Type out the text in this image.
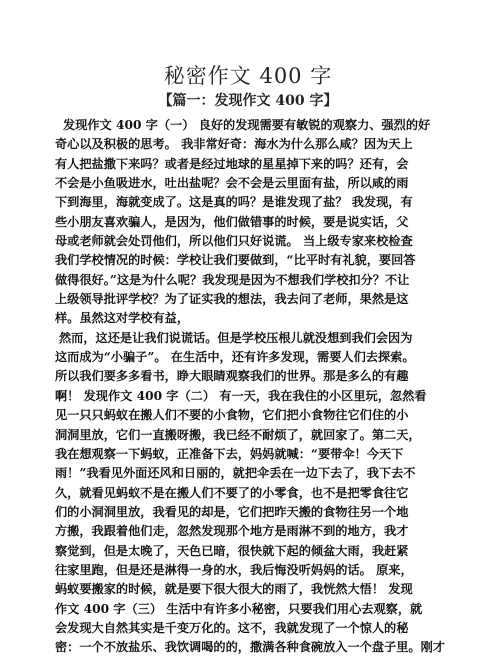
秘密作文 400 字
【篇一：发现作文 400 字】
发现作文 400 字（一） 良好的发现需要有敏锐的观察力、强烈的好
奇心以及积极的思考。 我非常好奇：海水为什么那么咸？因为天上
有人把盐撒下来吗？或者是经过地球的星星掉下来的吗？还有，会
不会是小鱼吸进水，吐出盐呢？会不会是云里面有盐，所以咸的雨
下到海里，海就变成了。这是真的吗？是谁发现了盐？ 我发现，有
些小朋友喜欢骗人，是因为，他们做错事的时候，要是说实话，父
母或老师就会处罚他们，所以他们只好说谎。 当上级专家来校检查
我们学校情况的时候：学校让我们要做到，“比平时有礼貌，要回答
做得很好。”这是为什么呢？我发现是因为不想我们学校扣分？不让
上级领导批评学校？为了证实我的想法，我去问了老师，果然是这
样。虽然这对学校有益，
然而，这还是让我们说谎话。但是学校压根儿就没想到我们会因为
这而成为“小骗子”。 在生活中，还有许多发现，需要人们去探索。
所以我们要多多看书，睁大眼睛观察我们的世界。那是多么的有趣
啊！ 发现作文 400 字（二） 有一天，我在我住的小区里玩，忽然看
见一只只蚂蚁在搬人们不要的小食物，它们把小食物往它们住的小
洞洞里放，它们一直搬呀搬，我已经不耐烦了，就回家了。第二天，
我在想观察一下蚂蚁，正准备下去，妈妈就喊：“要带伞！今天下
雨！”我看见外面还风和日丽的，就把伞丢在一边下去了，我下去不
久，就看见蚂蚁不是在搬人们不要了的小零食，也不是把零食往它
们的小洞洞里放，我看见的却是，它们把昨天搬的食物往另一个地
方搬，我跟着他们走，忽然发现那个地方是雨淋不到的地方，我才
察觉到，但是太晚了，天色已暗，很快就下起的倾盆大雨，我赶紧
往家里跑，但是还是淋得一身的水，我后悔没听妈妈的话。 原来，
蚂蚁要搬家的时候，就是要下很大很大的雨了，我恍然大悟！ 发现
作文 400 字（三） 生活中有许多小秘密，只要我们用心去观察，就
会发现大自然其实是千变万化的。这不，我就发现了一个惊人的秘
密：一个不放盐乐、我饮调喝的的，撒满各种食碗放入一个盘子里。刚才
